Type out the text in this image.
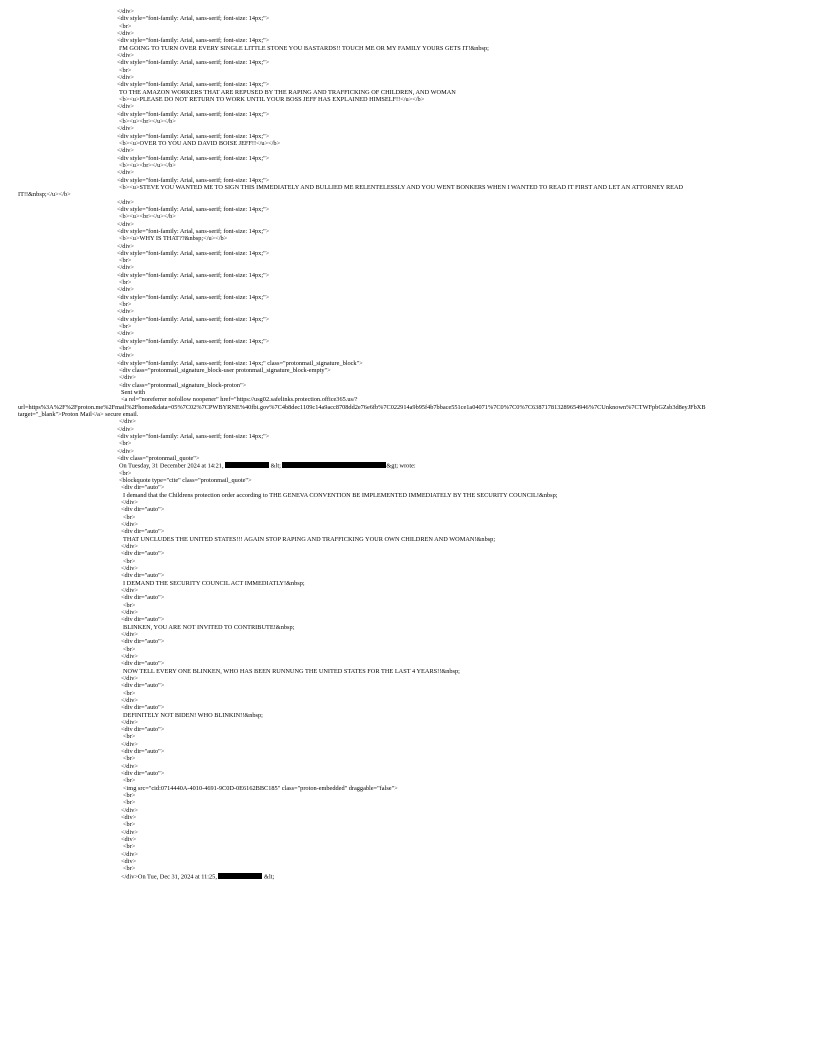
</div>
<div style="font-family: Arial, sans-serif; font-size: 14px;">
<br>
</div>
<div style="font-family: Arial, sans-serif; font-size: 14px;">
I'M GOING TO TURN OVER EVERY SINGLE LITTLE STONE YOU BASTARDS!! TOUCH ME OR MY FAMILY YOURS GETS IT!&nbsp;
</div>
<div style="font-family: Arial, sans-serif; font-size: 14px;">
<br>
</div>
<div style="font-family: Arial, sans-serif; font-size: 14px;">
TO THE AMAZON WORKERS THAT ARE REPUSED BY THE RAPING AND TRAFFICKING OF CHILDREN, AND WOMAN
<b><u>PLEASE DO NOT RETURN TO WORK UNTIL YOUR BOSS JEFF HAS EXPLAINED HIMSELF!!</u></b>
</div>
<div style="font-family: Arial, sans-serif; font-size: 14px;">
<b><u><br></u></b>
</div>
<div style="font-family: Arial, sans-serif; font-size: 14px;">
<b><u>OVER TO YOU AND DAVID BOISE JEFF!!</u></b>
</div>
<div style="font-family: Arial, sans-serif; font-size: 14px;">
<b><u><br></u></b>
</div>
<div style="font-family: Arial, sans-serif; font-size: 14px;">
<b><u>STEVE YOU WANTED ME TO SIGN THIS IMMEDIATELY AND BULLIED ME RELENTELESSLY AND YOU WENT BONKERS WHEN I WANTED TO READ IT FIRST AND LET AN ATTORNEY READ
IT!!&nbsp;</u></b>
</div>
<div style="font-family: Arial, sans-serif; font-size: 14px;">
<b><u><br></u></b>
</div>
<div style="font-family: Arial, sans-serif; font-size: 14px;">
<b><u>WHY IS THAT??&nbsp;</u></b>
</div>
<div style="font-family: Arial, sans-serif; font-size: 14px;">
<br>
</div>
<div style="font-family: Arial, sans-serif; font-size: 14px;">
<br>
</div>
<div style="font-family: Arial, sans-serif; font-size: 14px;">
<br>
</div>
<div style="font-family: Arial, sans-serif; font-size: 14px;">
<br>
</div>
<div style="font-family: Arial, sans-serif; font-size: 14px;">
<br>
</div>
<div style="font-family: Arial, sans-serif; font-size: 14px;" class="protonmail_signature_block">
<div class="protonmail_signature_block-user protonmail_signature_block-empty">
</div>
<div class="protonmail_signature_block-proton">
Sent with
<a rel="noreferrer nofollow noopener" href="https://usg02.safelinks.protection.office365.us/?
url=https%3A%2F%2Fproton.me%2Fmail%2Fhome&data=05%7C02%7CPWBYRNE%40fbi.gov%7C4b8dec1109c14a9acc8708dd2e76e6fb%7C022914a9b95f4b7bbace551ce1a04071%7C0%7C0%7C638717813289654946%7CUnknown%7CTWFpbGZsb3d8eyJFbXB
target="_blank">Proton Mail</a> secure email.
</div>
</div>
<div style="font-family: Arial, sans-serif; font-size: 14px;">
<br>
</div>
<div class="protonmail_quote">
On Tuesday, 31 December 2024 at 14:21,	&lt;	&gt; wrote:
<br>
<blockquote type="cite" class="protonmail_quote">
<div dir="auto">
I demand that the Childrens protection order according to THE GENEVA CONVENTION BE IMPLEMENTED IMMEDIATELY BY THE SECURITY COUNCIL!&nbsp;
</div>
<div dir="auto">
<br>
</div>
<div dir="auto">
THAT UNCLUDES THE UNITED STATES!!! AGAIN STOP RAPING AND TRAFFICKING YOUR OWN CHILDREN AND WOMAN!&nbsp;
</div>
<div dir="auto">
<br>
</div>
<div dir="auto">
I DEMAND THE SECURITY COUNCIL ACT IMMEDIATLY!&nbsp;
</div>
<div dir="auto">
<br>
</div>
<div dir="auto">
BLINKEN, YOU ARE NOT INVITED TO CONTRIBUTE!&nbsp;
</div>
<div dir="auto">
<br>
</div>
<div dir="auto">
NOW TELL EVERY ONE BLINKEN, WHO HAS BEEN RUNNUNG THE UNITED STATES FOR THE LAST 4 YEARS!!&nbsp;
</div>
<div dir="auto">
<br>
</div>
<div dir="auto">
DEFINITELY NOT BIDEN! WHO BLINKIN!!&nbsp;
</div>
<div dir="auto">
<br>
</div>
<div dir="auto">
<br>
</div>
<div dir="auto">
<br>
<img src="cid:0714440A-4010-4691-9C0D-0E6162BBC185" class="proton-embedded" draggable="false">
<br>
<br>
</div>
<div>
<br>
</div>
<div>
<br>
</div>
<div>
<br>
</div>On Tue, Dec 31, 2024 at 11:25,	&lt;
